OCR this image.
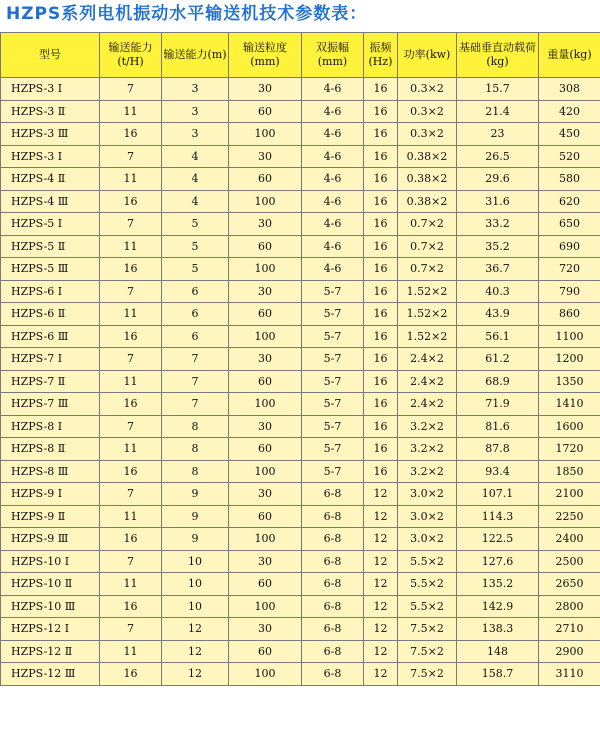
HZPS系列电机振动水平输送机技术参数表：
型号	输送能力(t/H)	输送能力(m)	输送粒度(mm)	双振幅(mm)	振频(Hz)	功率(kw)	基础垂直动载荷(kg)	重量(kg)
HZPS-3 Ⅰ	7	3	30	4-6	16	0.3×2	15.7	308
HZPS-3 Ⅱ	11	3	60	4-6	16	0.3×2	21.4	420
HZPS-3 Ⅲ	16	3	100	4-6	16	0.3×2	23	450
HZPS-3 Ⅰ	7	4	30	4-6	16	0.38×2	26.5	520
HZPS-4 Ⅱ	11	4	60	4-6	16	0.38×2	29.6	580
HZPS-4 Ⅲ	16	4	100	4-6	16	0.38×2	31.6	620
HZPS-5 Ⅰ	7	5	30	4-6	16	0.7×2	33.2	650
HZPS-5 Ⅱ	11	5	60	4-6	16	0.7×2	35.2	690
HZPS-5 Ⅲ	16	5	100	4-6	16	0.7×2	36.7	720
HZPS-6 Ⅰ	7	6	30	5-7	16	1.52×2	40.3	790
HZPS-6 Ⅱ	11	6	60	5-7	16	1.52×2	43.9	860
HZPS-6 Ⅲ	16	6	100	5-7	16	1.52×2	56.1	1100
HZPS-7 Ⅰ	7	7	30	5-7	16	2.4×2	61.2	1200
HZPS-7 Ⅱ	11	7	60	5-7	16	2.4×2	68.9	1350
HZPS-7 Ⅲ	16	7	100	5-7	16	2.4×2	71.9	1410
HZPS-8 Ⅰ	7	8	30	5-7	16	3.2×2	81.6	1600
HZPS-8 Ⅱ	11	8	60	5-7	16	3.2×2	87.8	1720
HZPS-8 Ⅲ	16	8	100	5-7	16	3.2×2	93.4	1850
HZPS-9 Ⅰ	7	9	30	6-8	12	3.0×2	107.1	2100
HZPS-9 Ⅱ	11	9	60	6-8	12	3.0×2	114.3	2250
HZPS-9 Ⅲ	16	9	100	6-8	12	3.0×2	122.5	2400
HZPS-10 Ⅰ	7	10	30	6-8	12	5.5×2	127.6	2500
HZPS-10 Ⅱ	11	10	60	6-8	12	5.5×2	135.2	2650
HZPS-10 Ⅲ	16	10	100	6-8	12	5.5×2	142.9	2800
HZPS-12 Ⅰ	7	12	30	6-8	12	7.5×2	138.3	2710
HZPS-12 Ⅱ	11	12	60	6-8	12	7.5×2	148	2900
HZPS-12 Ⅲ	16	12	100	6-8	12	7.5×2	158.7	3110
